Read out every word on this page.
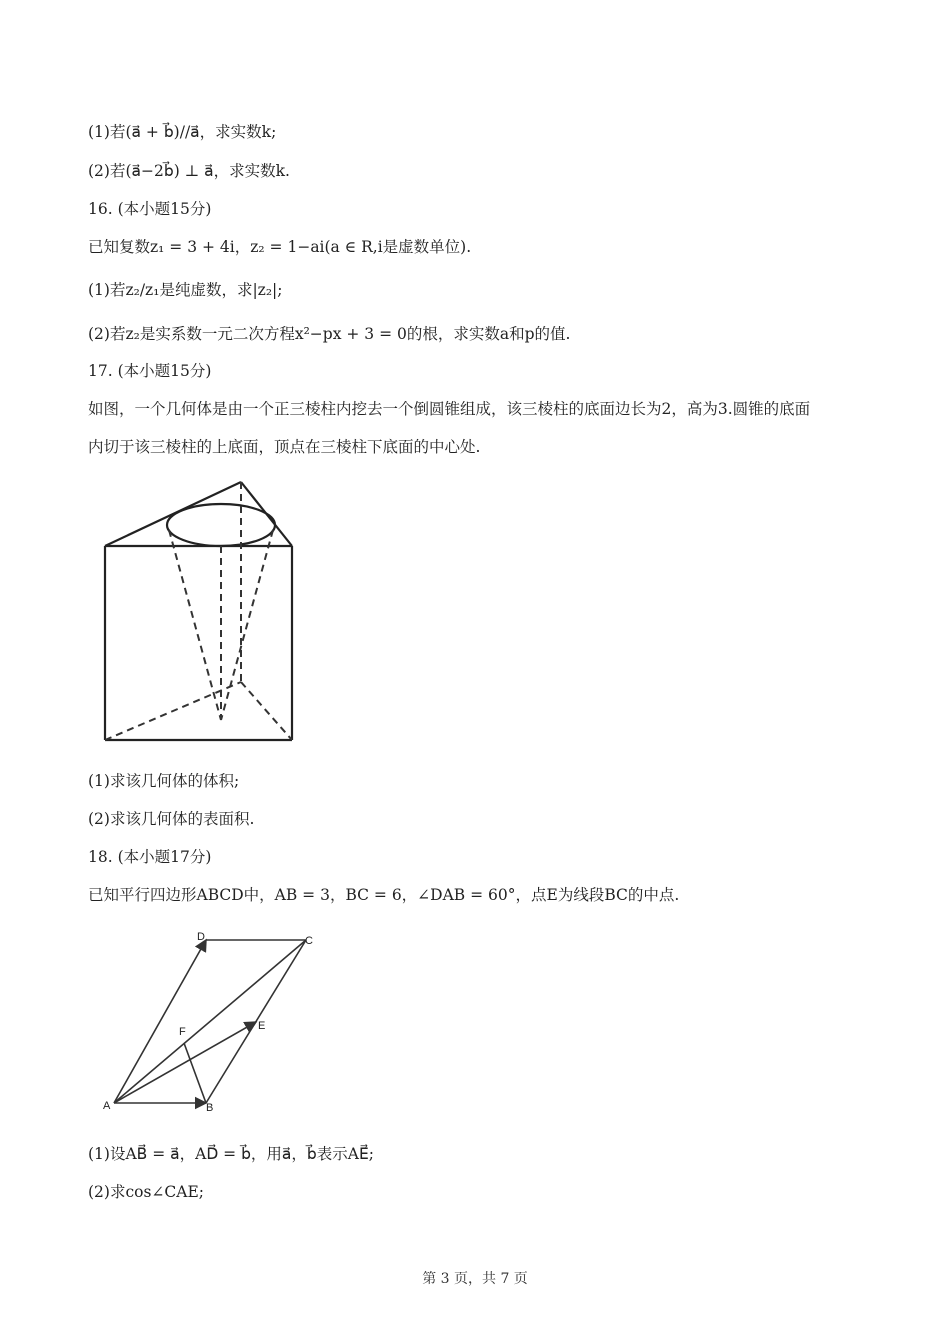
(1)若(a⃗ + b⃗)//a⃗，求实数k;
(2)若(a⃗−2b⃗) ⊥ a⃗，求实数k.
16. (本小题15分)
已知复数z₁ = 3 + 4i，z₂ = 1−ai(a ∈ R,i是虚数单位).
(1)若z₂/z₁是纯虚数，求|z₂|;
(2)若z₂是实系数一元二次方程x²−px + 3 = 0的根，求实数a和p的值.
17. (本小题15分)
如图，一个几何体是由一个正三棱柱内挖去一个倒圆锥组成，该三棱柱的底面边长为2，高为3.圆锥的底面
内切于该三棱柱的上底面，顶点在三棱柱下底面的中心处.
(1)求该几何体的体积;
(2)求该几何体的表面积.
18. (本小题17分)
已知平行四边形ABCD中，AB = 3，BC = 6，∠DAB = 60°，点E为线段BC的中点.
D	C
F	E
A	B
(1)设AB⃗ = a⃗，AD⃗ = b⃗，用a⃗，b⃗表示AE⃗;
(2)求cos∠CAE;
第 3 页，共 7 页
